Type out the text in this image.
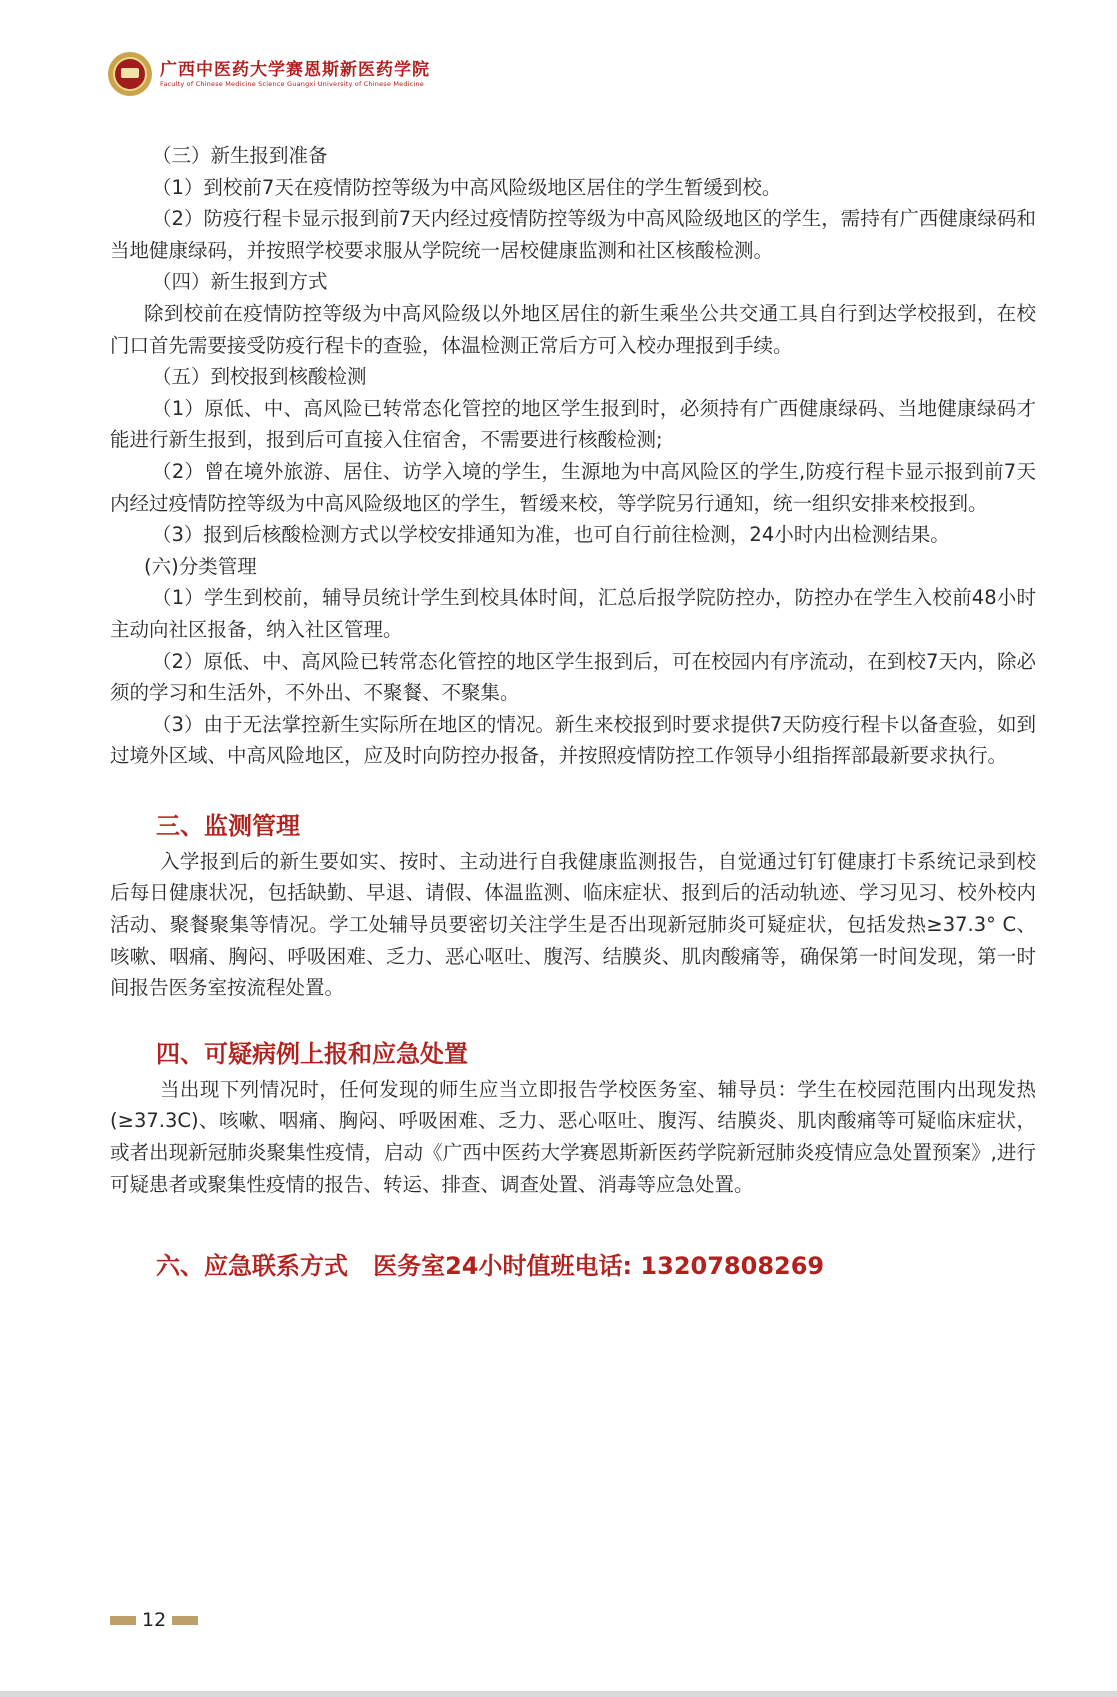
广西中医药大学赛恩斯新医药学院
Faculty of Chinese Medicine Science Guangxi University of Chinese Medicine

（三）新生报到准备

（1）到校前7天在疫情防控等级为中高风险级地区居住的学生暂缓到校。

（2）防疫行程卡显示报到前7天内经过疫情防控等级为中高风险级地区的学生，需持有广西健康绿码和当地健康绿码，并按照学校要求服从学院统一居校健康监测和社区核酸检测。

（四）新生报到方式

除到校前在疫情防控等级为中高风险级以外地区居住的新生乘坐公共交通工具自行到达学校报到，在校门口首先需要接受防疫行程卡的查验，体温检测正常后方可入校办理报到手续。

（五）到校报到核酸检测

（1）原低、中、高风险已转常态化管控的地区学生报到时，必须持有广西健康绿码、当地健康绿码才能进行新生报到，报到后可直接入住宿舍，不需要进行核酸检测;

（2）曾在境外旅游、居住、访学入境的学生，生源地为中高风险区的学生,防疫行程卡显示报到前7天内经过疫情防控等级为中高风险级地区的学生，暂缓来校，等学院另行通知，统一组织安排来校报到。

（3）报到后核酸检测方式以学校安排通知为准，也可自行前往检测，24小时内出检测结果。

(六)分类管理

（1）学生到校前，辅导员统计学生到校具体时间，汇总后报学院防控办，防控办在学生入校前48小时主动向社区报备，纳入社区管理。

（2）原低、中、高风险已转常态化管控的地区学生报到后，可在校园内有序流动，在到校7天内，除必须的学习和生活外，不外出、不聚餐、不聚集。

（3）由于无法掌控新生实际所在地区的情况。新生来校报到时要求提供7天防疫行程卡以备查验，如到过境外区域、中高风险地区，应及时向防控办报备，并按照疫情防控工作领导小组指挥部最新要求执行。

三、监测管理

入学报到后的新生要如实、按时、主动进行自我健康监测报告，自觉通过钉钉健康打卡系统记录到校后每日健康状况，包括缺勤、早退、请假、体温监测、临床症状、报到后的活动轨迹、学习见习、校外校内活动、聚餐聚集等情况。学工处辅导员要密切关注学生是否出现新冠肺炎可疑症状，包括发热≥37.3° C、咳嗽、咽痛、胸闷、呼吸困难、乏力、恶心呕吐、腹泻、结膜炎、肌肉酸痛等，确保第一时间发现，第一时间报告医务室按流程处置。

四、可疑病例上报和应急处置

当出现下列情况时，任何发现的师生应当立即报告学校医务室、辅导员：学生在校园范围内出现发热(≥37.3C)、咳嗽、咽痛、胸闷、呼吸困难、乏力、恶心呕吐、腹泻、结膜炎、肌肉酸痛等可疑临床症状，或者出现新冠肺炎聚集性疫情，启动《广西中医药大学赛恩斯新医药学院新冠肺炎疫情应急处置预案》,进行可疑患者或聚集性疫情的报告、转运、排查、调查处置、消毒等应急处置。

六、应急联系方式 医务室24小时值班电话: 13207808269
12
